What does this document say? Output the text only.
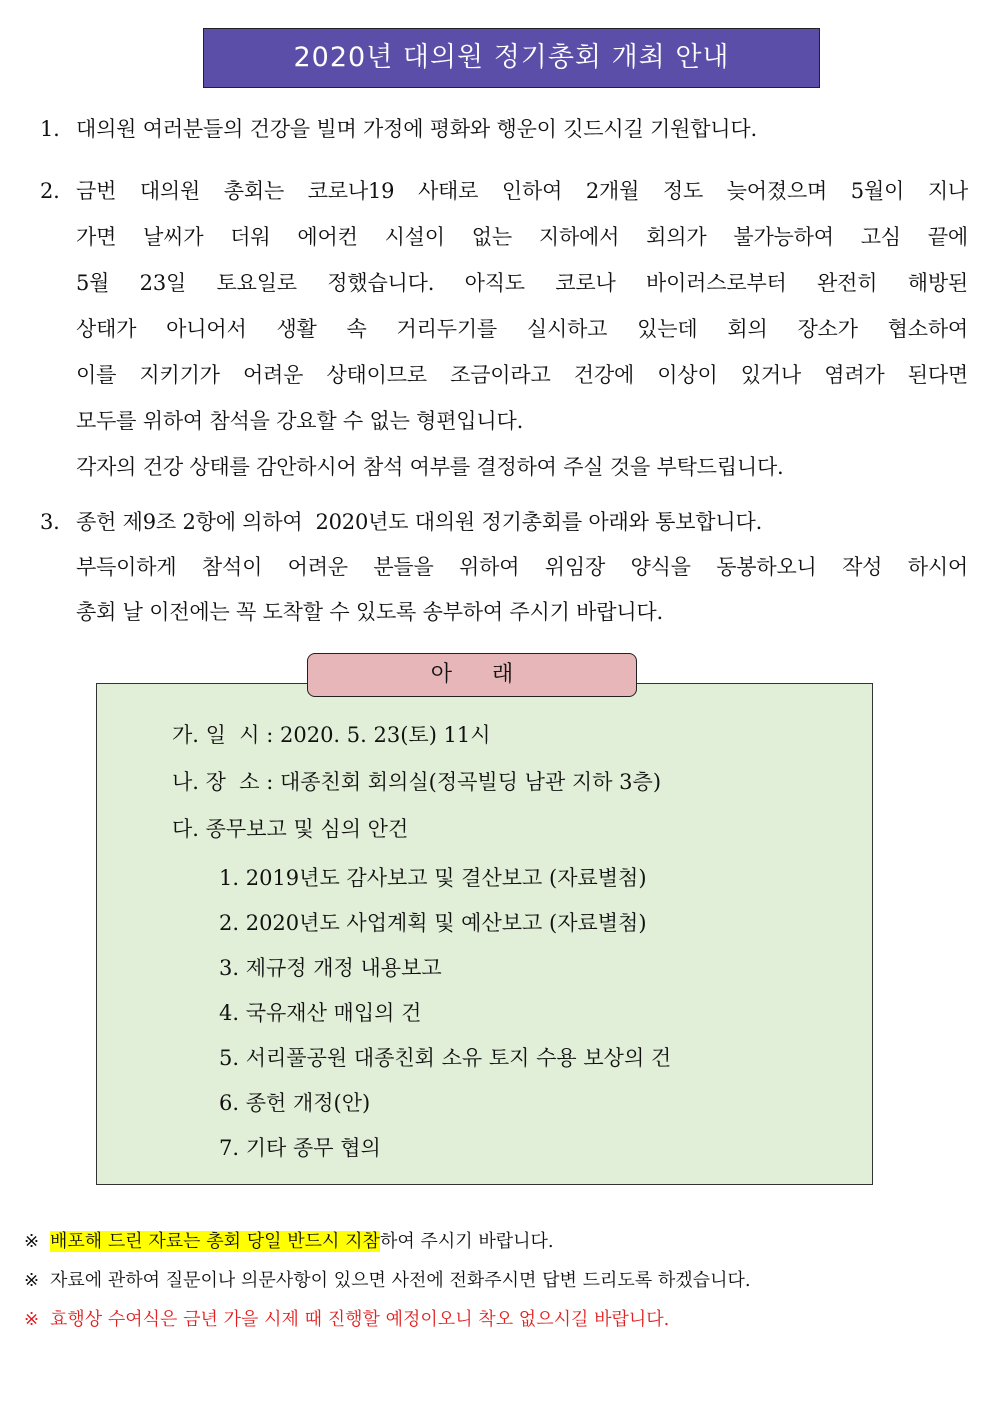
2020년 대의원 정기총회 개최 안내
1. 대의원 여러분들의 건강을 빌며 가정에 평화와 행운이 깃드시길 기원합니다.
2. 금번 대의원 총회는 코로나19 사태로 인하여 2개월 정도 늦어졌으며 5월이 지나
가면 날씨가 더워 에어컨 시설이 없는 지하에서 회의가 불가능하여 고심 끝에
5월 23일 토요일로 정했습니다. 아직도 코로나 바이러스로부터 완전히 해방된
상태가 아니어서 생활 속 거리두기를 실시하고 있는데 회의 장소가 협소하여
이를 지키기가 어려운 상태이므로 조금이라고 건강에 이상이 있거나 염려가 된다면
모두를 위하여 참석을 강요할 수 없는 형편입니다.
각자의 건강 상태를 감안하시어 참석 여부를 결정하여 주실 것을 부탁드립니다.
3. 종헌 제9조 2항에 의하여  2020년도 대의원 정기총회를 아래와 통보합니다.
부득이하게 참석이 어려운 분들을 위하여 위임장 양식을 동봉하오니 작성 하시어
총회 날 이전에는 꼭 도착할 수 있도록 송부하여 주시기 바랍니다.
아래
가. 일  시 : 2020. 5. 23(토) 11시
나. 장  소 : 대종친회 회의실(정곡빌딩 남관 지하 3층)
다. 종무보고 및 심의 안건
1. 2019년도 감사보고 및 결산보고 (자료별첨)
2. 2020년도 사업계획 및 예산보고 (자료별첨)
3. 제규정 개정 내용보고
4. 국유재산 매입의 건
5. 서리풀공원 대종친회 소유 토지 수용 보상의 건
6. 종헌 개정(안)
7. 기타 종무 협의
※ 배포해 드린 자료는 총회 당일 반드시 지참하여 주시기 바랍니다.
※ 자료에 관하여 질문이나 의문사항이 있으면 사전에 전화주시면 답변 드리도록 하겠습니다.
※ 효행상 수여식은 금년 가을 시제 때 진행할 예정이오니 착오 없으시길 바랍니다.
